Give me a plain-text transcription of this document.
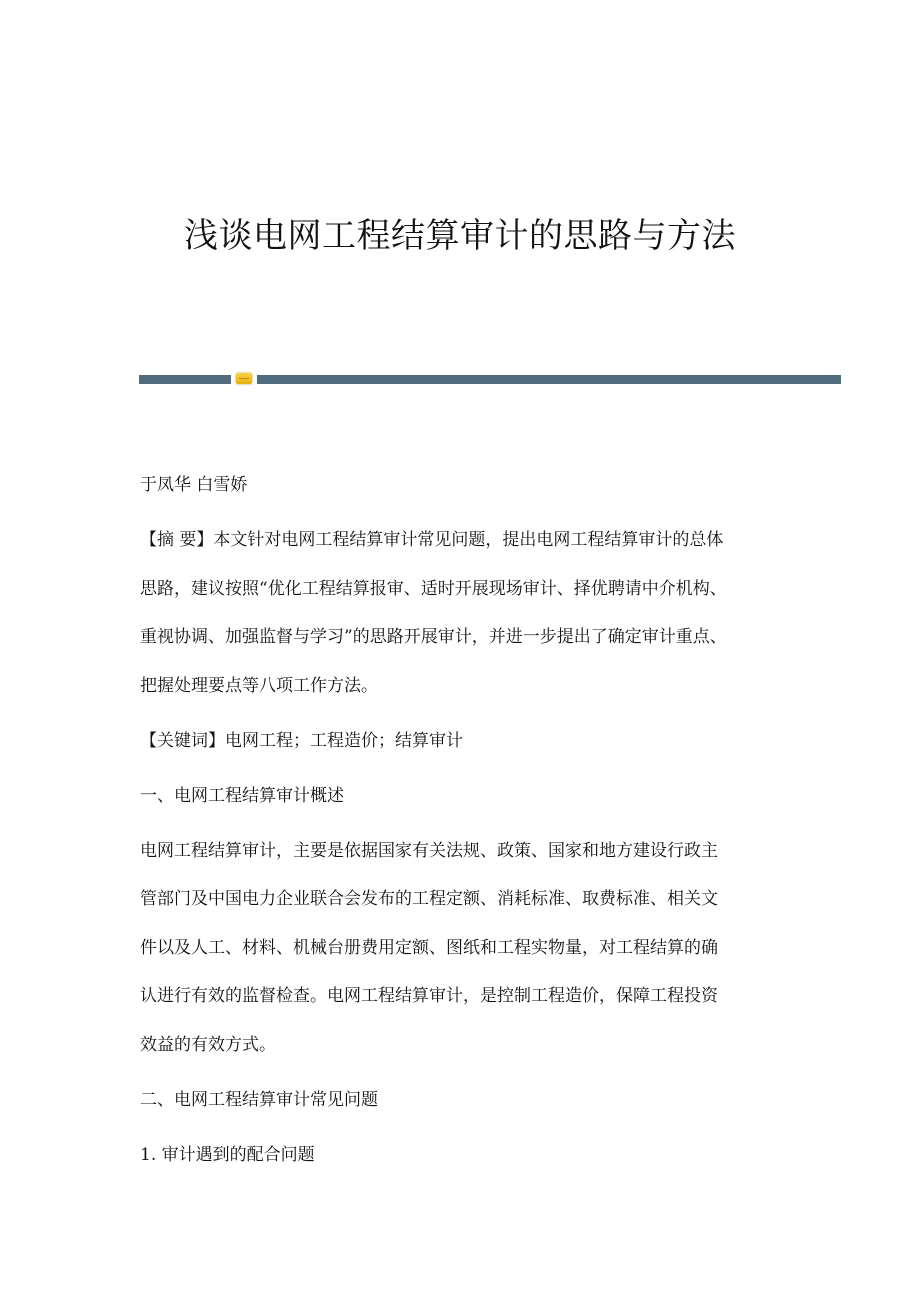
浅谈电网工程结算审计的思路与方法
于凤华 白雪娇
【摘 要】本文针对电网工程结算审计常见问题，提出电网工程结算审计的总体
思路，建议按照“优化工程结算报审、适时开展现场审计、择优聘请中介机构、
重视协调、加强监督与学习”的思路开展审计，并进一步提出了确定审计重点、
把握处理要点等八项工作方法。
【关键词】电网工程；工程造价；结算审计
一、电网工程结算审计概述
电网工程结算审计，主要是依据国家有关法规、政策、国家和地方建设行政主
管部门及中国电力企业联合会发布的工程定额、消耗标准、取费标准、相关文
件以及人工、材料、机械台册费用定额、图纸和工程实物量，对工程结算的确
认进行有效的监督检查。电网工程结算审计，是控制工程造价，保障工程投资
效益的有效方式。
二、电网工程结算审计常见问题
1. 审计遇到的配合问题
